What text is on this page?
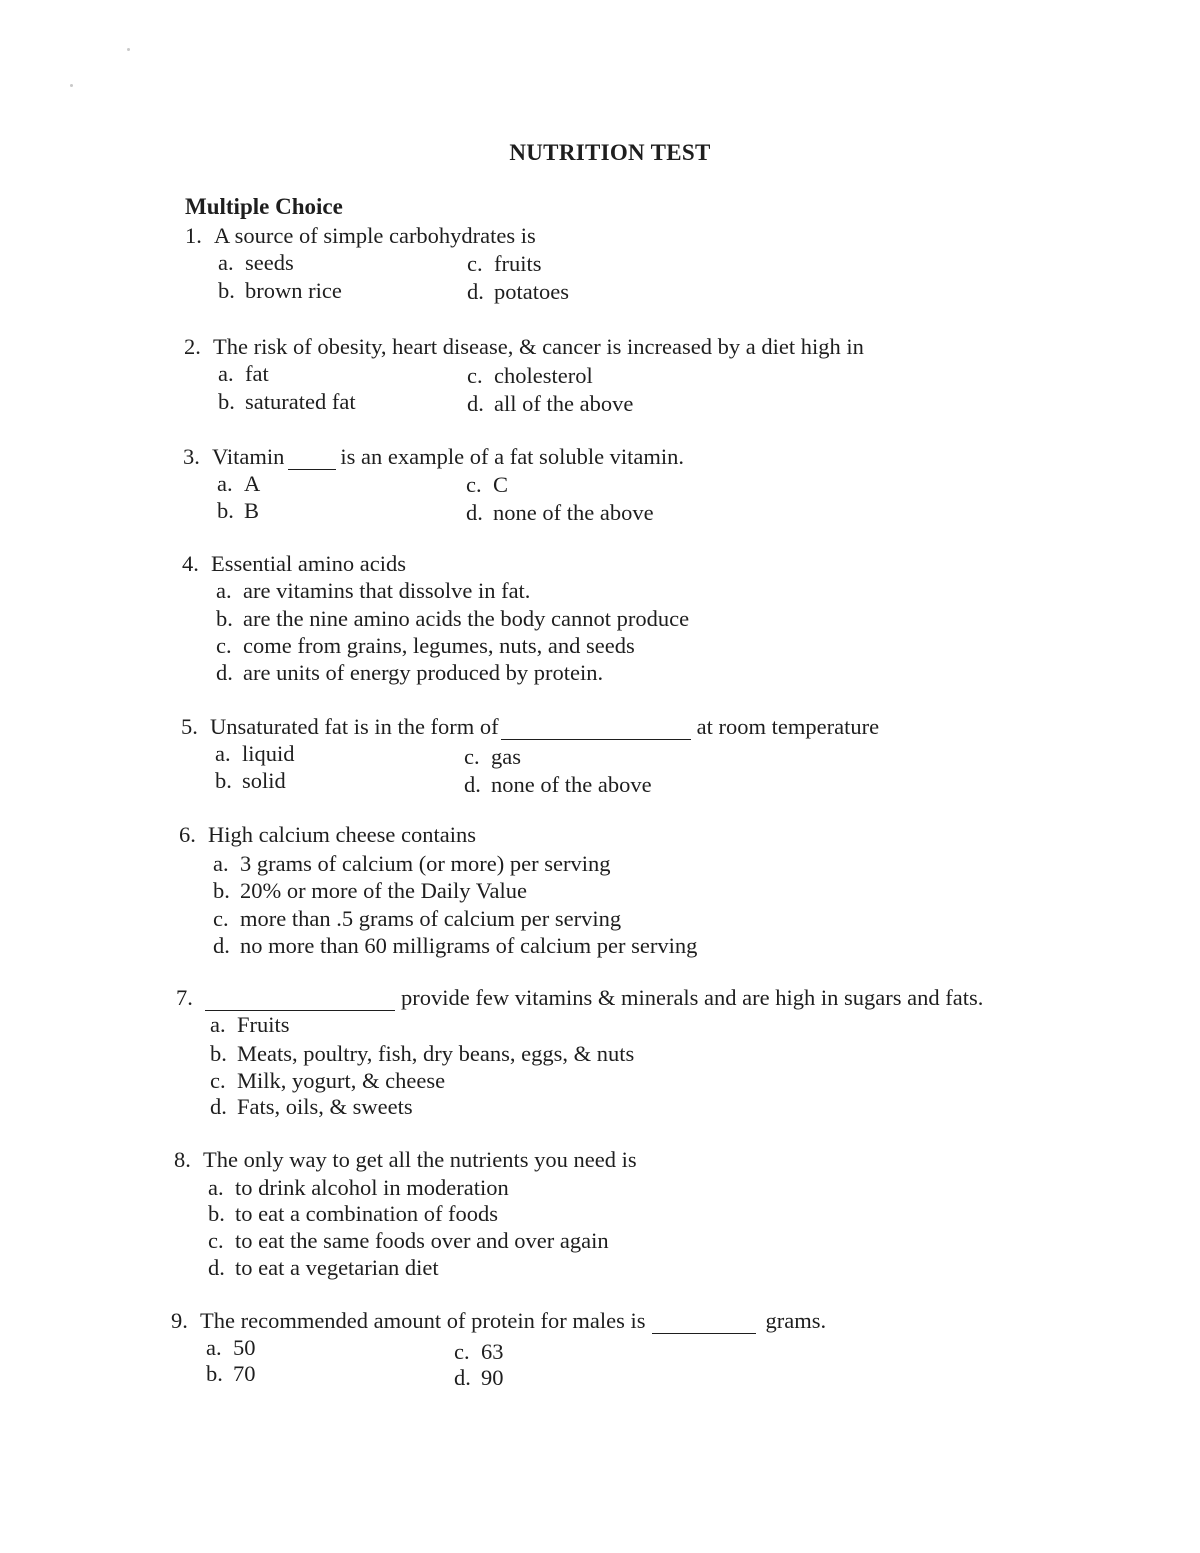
NUTRITION TEST
Multiple Choice
1. A source of simple carbohydrates is
a. seeds	c. fruits
b. brown rice	d. potatoes
2. The risk of obesity, heart disease, & cancer is increased by a diet high in
a. fat	c. cholesterol
b. saturated fat	d. all of the above
3. Vitamin is an example of a fat soluble vitamin.
a. A	c. C
b. B	d. none of the above
4. Essential amino acids
a. are vitamins that dissolve in fat.
b. are the nine amino acids the body cannot produce
c. come from grains, legumes, nuts, and seeds
d. are units of energy produced by protein.
5. Unsaturated fat is in the form of	at room temperature
a. liquid	c. gas
b. solid	d. none of the above
6. High calcium cheese contains
a. 3 grams of calcium (or more) per serving
b. 20% or more of the Daily Value
c. more than .5 grams of calcium per serving
d. no more than 60 milligrams of calcium per serving
7.	provide few vitamins & minerals and are high in sugars and fats.
a. Fruits
b. Meats, poultry, fish, dry beans, eggs, & nuts
c. Milk, yogurt, & cheese
d. Fats, oils, & sweets
8. The only way to get all the nutrients you need is
a. to drink alcohol in moderation
b. to eat a combination of foods
c. to eat the same foods over and over again
d. to eat a vegetarian diet
9. The recommended amount of protein for males is	grams.
a. 50	c. 63
b. 70	d. 90
